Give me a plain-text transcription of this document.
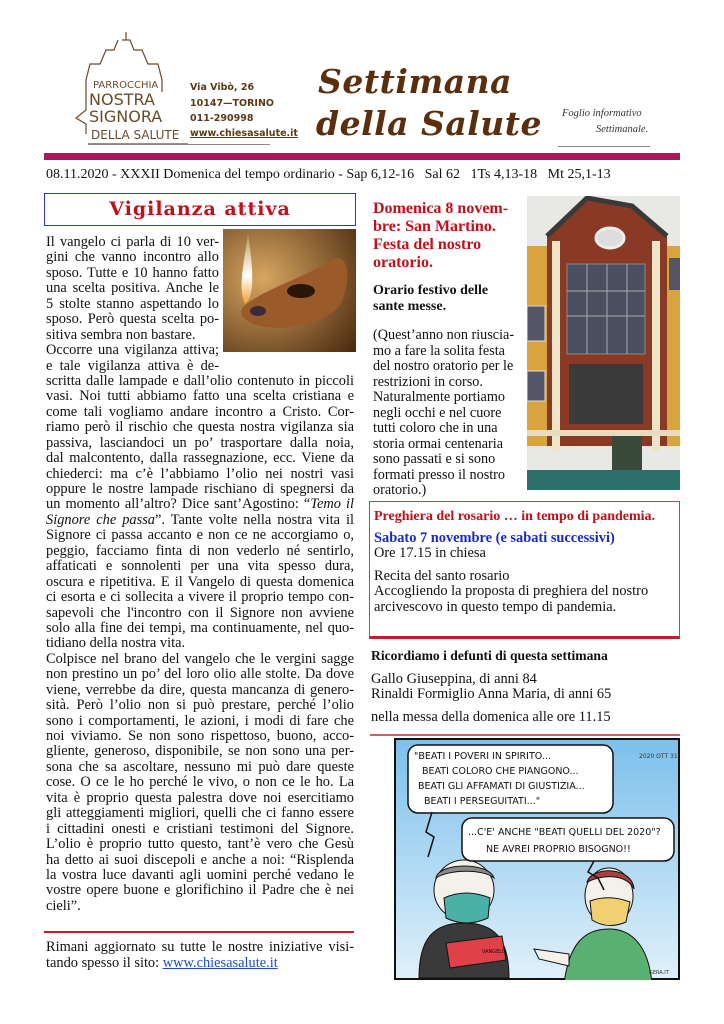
PARROCCHIA
NOSTRA
SIGNORA
DELLA SALUTE
Via Vibò, 26
10147—TORINO
011-290998
www.chiesasalute.it
Settimana
della Salute Foglio informativo
Settimanale.
08.11.2020 - XXXII Domenica del tempo ordinario - Sap 6,12-16   Sal 62   1Ts 4,13-18   Mt 25,1-13
Vigilanza attiva
Il vangelo ci parla di 10 ver-
gini che vanno incontro allo
sposo. Tutte e 10 hanno fatto
una scelta positiva. Anche le
5 stolte stanno aspettando lo
sposo. Però questa scelta po-
sitiva sembra non bastare.
Occorre una vigilanza attiva;
e tale vigilanza attiva è de-
scritta dalle lampade e dall’olio contenuto in piccoli
vasi. Noi tutti abbiamo fatto una scelta cristiana e
come tali vogliamo andare incontro a Cristo. Cor-
riamo però il rischio che questa nostra vigilanza sia
passiva, lasciandoci un po’ trasportare dalla noia,
dal malcontento, dalla rassegnazione, ecc. Viene da
chiederci: ma c’è l’abbiamo l’olio nei nostri vasi
oppure le nostre lampade rischiano di spegnersi da
un momento all’altro? Dice sant’Agostino: “Temo il
Signore che passa”. Tante volte nella nostra vita il
Signore ci passa accanto e non ce ne accorgiamo o,
peggio, facciamo finta di non vederlo né sentirlo,
affaticati e sonnolenti per una vita spesso dura,
oscura e ripetitiva. E il Vangelo di questa domenica
ci esorta e ci sollecita a vivere il proprio tempo con-
sapevoli che l'incontro con il Signore non avviene
solo alla fine dei tempi, ma continuamente, nel quo-
tidiano della nostra vita.
Colpisce nel brano del vangelo che le vergini sagge
non prestino un po’ del loro olio alle stolte. Da dove
viene, verrebbe da dire, questa mancanza di genero-
sità. Però l’olio non si può prestare, perché l’olio
sono i comportamenti, le azioni, i modi di fare che
noi viviamo. Se non sono rispettoso, buono, acco-
gliente, generoso, disponibile, se non sono una per-
sona che sa ascoltare, nessuno mi può dare queste
cose. O ce le ho perché le vivo, o non ce le ho. La
vita è proprio questa palestra dove noi esercitiamo
gli atteggiamenti migliori, quelli che ci fanno essere
i cittadini onesti e cristiani testimoni del Signore.
L’olio è proprio tutto questo, tant’è vero che Gesù
ha detto ai suoi discepoli e anche a noi: “Risplenda
la vostra luce davanti agli uomini perché vedano le
vostre opere buone e glorifichino il Padre che è nei
cieli”.
Rimani aggiornato su tutte le nostre iniziative visi-
tando spesso il sito: www.chiesasalute.it
Domenica 8 novem-
bre: San Martino.
Festa del nostro
oratorio.
Orario festivo delle
sante messe.
(Quest’anno non riuscia-
mo a fare la solita festa
del nostro oratorio per le
restrizioni in corso.
Naturalmente portiamo
negli occhi e nel cuore
tutti coloro che in una
storia ormai centenaria
sono passati e si sono
formati presso il nostro
oratorio.)
Preghiera del rosario … in tempo di pandemia.
Sabato 7 novembre (e sabati successivi)
Ore 17.15 in chiesa
Recita del santo rosario
Accogliendo la proposta di preghiera del nostro
arcivescovo in questo tempo di pandemia.
Ricordiamo i defunti di questa settimana
Gallo Giuseppina, di anni 84
Rinaldi Formiglio Anna Maria, di anni 65
nella messa della domenica alle ore 11.15
"BEATI I POVERI IN SPIRITO...
BEATI COLORO CHE PIANGONO...
BEATI GLI AFFAMATI DI GIUSTIZIA...
BEATI I PERSEGUITATI..."
...C'E' ANCHE "BEATI QUELLI DEL 2020"?
NE AVREI PROPRIO BISOGNO!!
VANGELO
2020 OTT 31
GERA.IT
